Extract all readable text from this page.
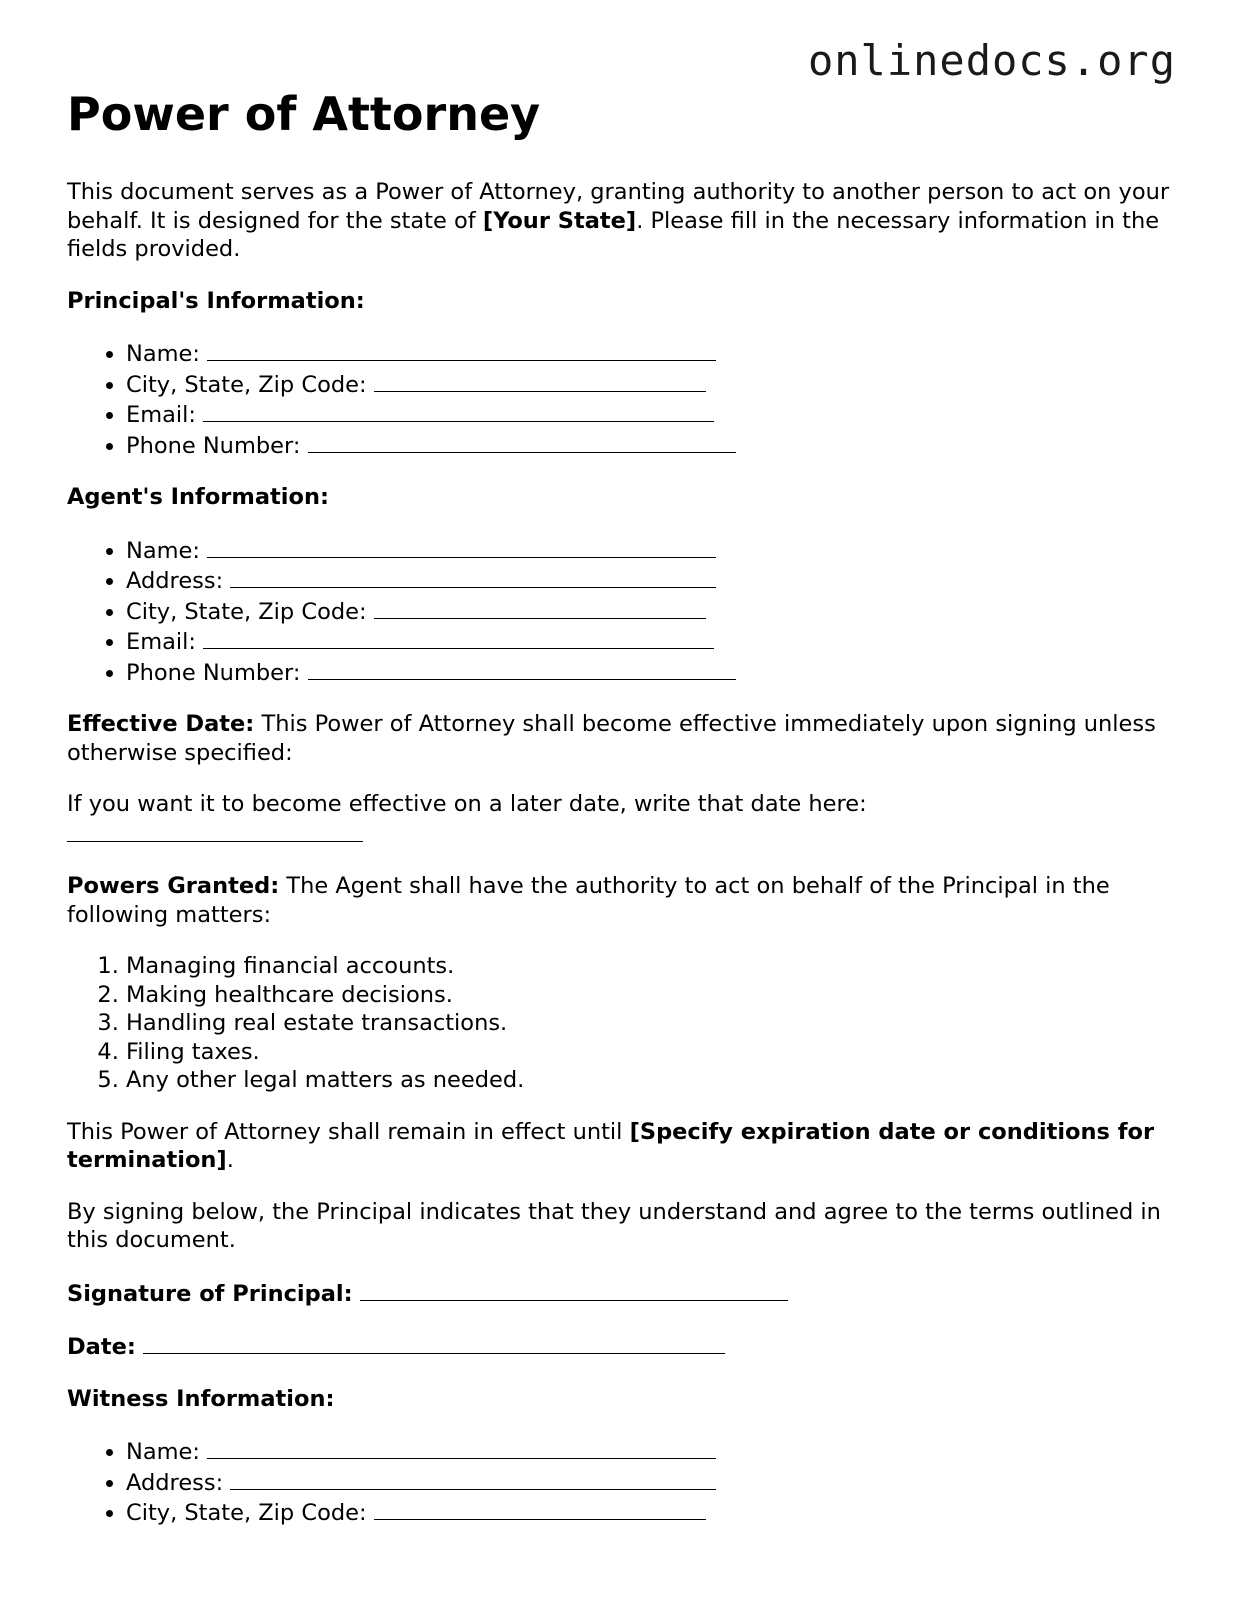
onlinedocs.org
Power of Attorney

This document serves as a Power of Attorney, granting authority to another person to act on your behalf. It is designed for the state of [Your State]. Please fill in the necessary information in the fields provided.

Principal's Information:

• Name:
• City, State, Zip Code:
• Email:
• Phone Number:

Agent's Information:

• Name:
• Address:
• City, State, Zip Code:
• Email:
• Phone Number:

Effective Date: This Power of Attorney shall become effective immediately upon signing unless otherwise specified:

If you want it to become effective on a later date, write that date here:

Powers Granted: The Agent shall have the authority to act on behalf of the Principal in the following matters:

1. Managing financial accounts.
2. Making healthcare decisions.
3. Handling real estate transactions.
4. Filing taxes.
5. Any other legal matters as needed.

This Power of Attorney shall remain in effect until [Specify expiration date or conditions for termination].

By signing below, the Principal indicates that they understand and agree to the terms outlined in this document.

Signature of Principal:

Date:

Witness Information:

• Name:
• Address:
• City, State, Zip Code:
